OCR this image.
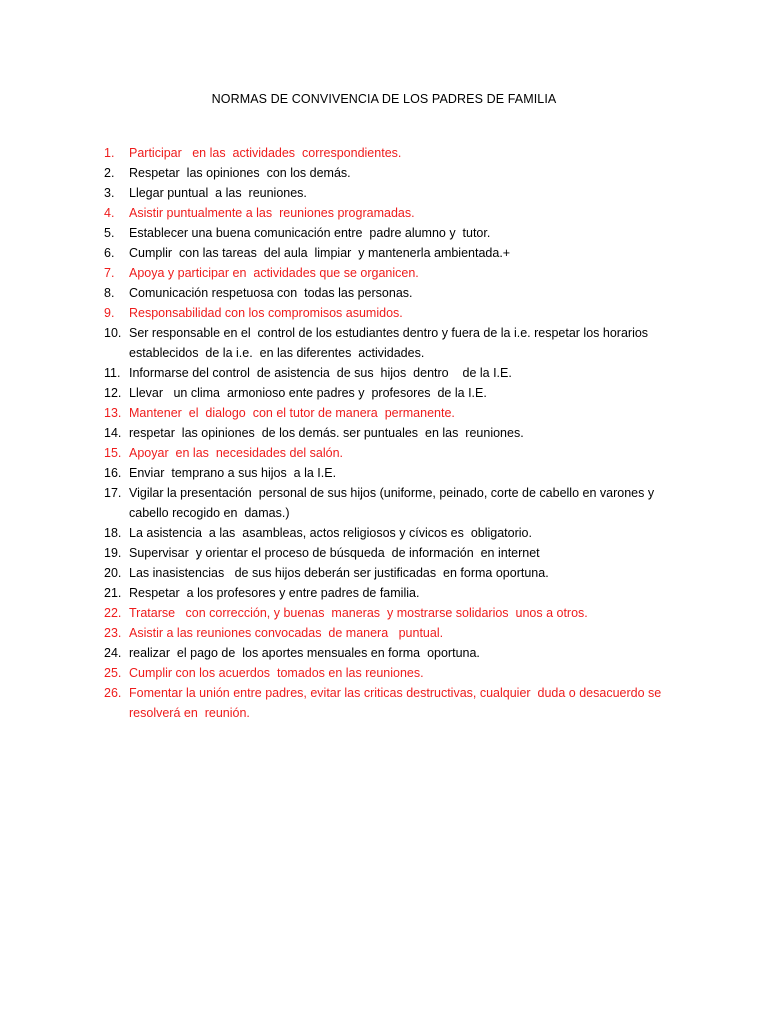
NORMAS DE CONVIVENCIA DE LOS PADRES DE FAMILIA
1. Participar   en las  actividades  correspondientes.
2. Respetar  las opiniones  con los demás.
3. Llegar puntual  a las  reuniones.
4. Asistir puntualmente a las  reuniones programadas.
5. Establecer una buena comunicación entre  padre alumno y  tutor.
6. Cumplir  con las tareas  del aula  limpiar  y mantenerla ambientada.+
7. Apoya y participar en  actividades que se organicen.
8. Comunicación respetuosa con  todas las personas.
9. Responsabilidad con los compromisos asumidos.
10. Ser responsable en el  control de los estudiantes dentro y fuera de la i.e. respetar los horarios establecidos  de la i.e.  en las diferentes  actividades.
11. Informarse del control  de asistencia  de sus  hijos  dentro    de la I.E.
12. Llevar   un clima  armonioso ente padres y  profesores  de la I.E.
13. Mantener  el  dialogo  con el tutor de manera  permanente.
14. respetar  las opiniones  de los demás. ser puntuales  en las  reuniones.
15. Apoyar  en las  necesidades del salón.
16. Enviar  temprano a sus hijos  a la I.E.
17. Vigilar la presentación  personal de sus hijos (uniforme, peinado, corte de cabello en varones y cabello recogido en  damas.)
18. La asistencia  a las  asambleas, actos religiosos y cívicos es  obligatorio.
19. Supervisar  y orientar el proceso de búsqueda  de información  en internet
20. Las inasistencias   de sus hijos deberán ser justificadas  en forma oportuna.
21. Respetar  a los profesores y entre padres de familia.
22. Tratarse   con corrección, y buenas  maneras  y mostrarse solidarios  unos a otros.
23. Asistir a las reuniones convocadas  de manera   puntual.
24. realizar  el pago de  los aportes mensuales en forma  oportuna.
25. Cumplir con los acuerdos  tomados en las reuniones.
26. Fomentar la unión entre padres, evitar las criticas destructivas, cualquier  duda o desacuerdo se resolverá en  reunión.
